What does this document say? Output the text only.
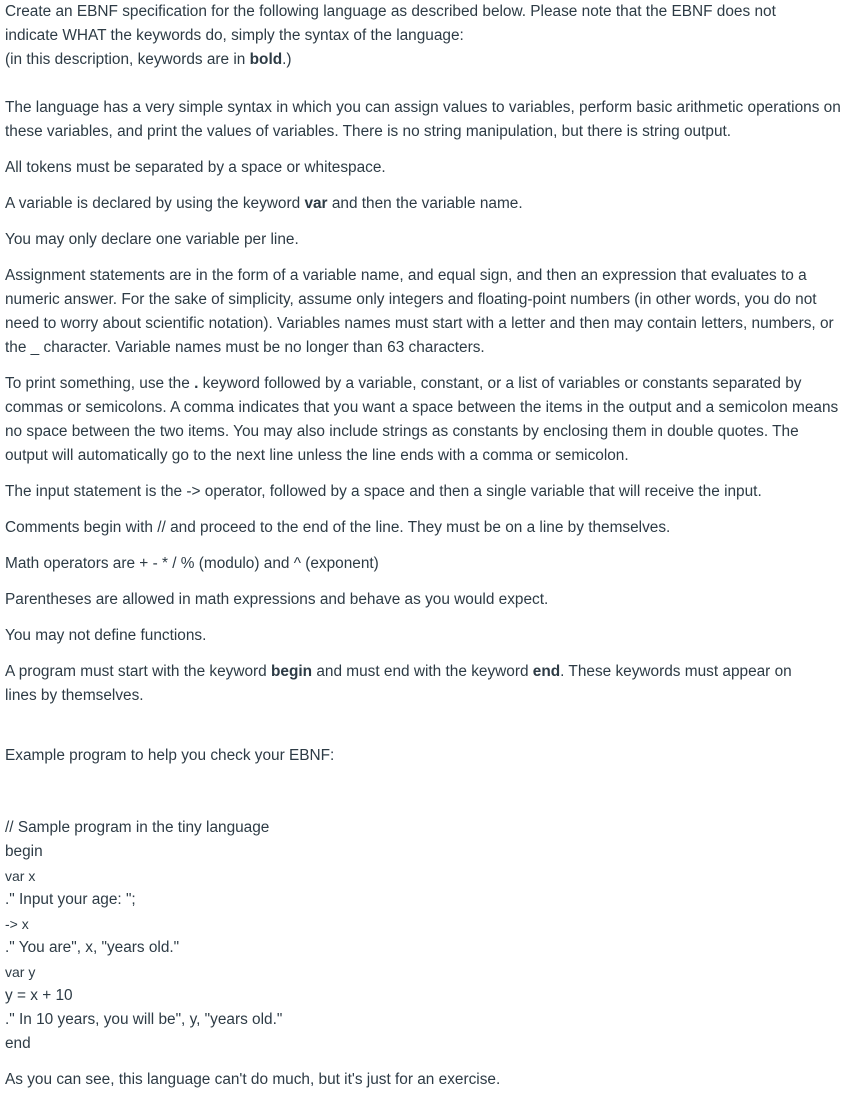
Create an EBNF specification for the following language as described below. Please note that the EBNF does not
indicate WHAT the keywords do, simply the syntax of the language:
(in this description, keywords are in bold.)

The language has a very simple syntax in which you can assign values to variables, perform basic arithmetic operations on these variables, and print the values of variables. There is no string manipulation, but there is string output.

All tokens must be separated by a space or whitespace.

A variable is declared by using the keyword var and then the variable name.

You may only declare one variable per line.

Assignment statements are in the form of a variable name, and equal sign, and then an expression that evaluates to a numeric answer. For the sake of simplicity, assume only integers and floating-point numbers (in other words, you do not need to worry about scientific notation). Variables names must start with a letter and then may contain letters, numbers, or the _ character. Variable names must be no longer than 63 characters.

To print something, use the . keyword followed by a variable, constant, or a list of variables or constants separated by commas or semicolons. A comma indicates that you want a space between the items in the output and a semicolon means no space between the two items. You may also include strings as constants by enclosing them in double quotes. The output will automatically go to the next line unless the line ends with a comma or semicolon.

The input statement is the -> operator, followed by a space and then a single variable that will receive the input.

Comments begin with // and proceed to the end of the line. They must be on a line by themselves.

Math operators are + - * / % (modulo) and ^ (exponent)

Parentheses are allowed in math expressions and behave as you would expect.

You may not define functions.

A program must start with the keyword begin and must end with the keyword end. These keywords must appear on lines by themselves.

Example program to help you check your EBNF:

// Sample program in the tiny language

begin

var x

." Input your age: ";

-> x

." You are", x, "years old."

var y

y = x + 10

." In 10 years, you will be", y, "years old."

end

As you can see, this language can't do much, but it's just for an exercise.
